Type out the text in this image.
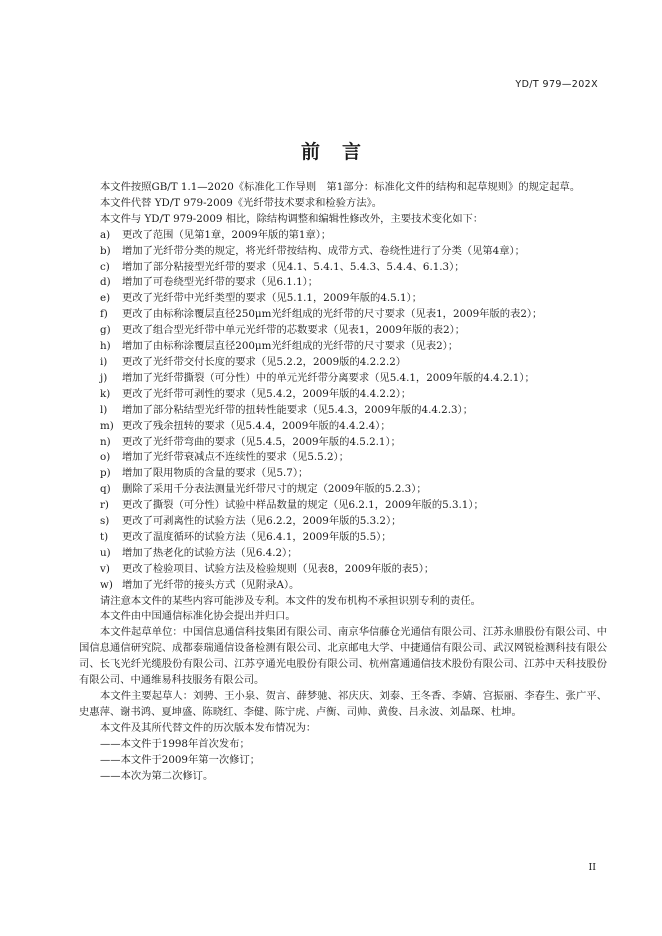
YD/T 979—202X
前言

本文件按照GB/T 1.1—2020《标准化工作导则　第1部分：标准化文件的结构和起草规则》的规定起草。

本文件代替 YD/T 979-2009《光纤带技术要求和检验方法》。

本文件与 YD/T 979-2009 相比，除结构调整和编辑性修改外，主要技术变化如下：

a) 更改了范围（见第1章，2009年版的第1章）；

b) 增加了光纤带分类的规定，将光纤带按结构、成带方式、卷绕性进行了分类（见第4章）；

c) 增加了部分粘接型光纤带的要求（见4.1、5.4.1、5.4.3、5.4.4、6.1.3）；

d) 增加了可卷绕型光纤带的要求（见6.1.1）；

e) 更改了光纤带中光纤类型的要求（见5.1.1，2009年版的4.5.1）；

f) 更改了由标称涂覆层直径250μm光纤组成的光纤带的尺寸要求（见表1，2009年版的表2）；

g) 更改了组合型光纤带中单元光纤带的芯数要求（见表1，2009年版的表2）；

h) 增加了由标称涂覆层直径200μm光纤组成的光纤带的尺寸要求（见表2）；

i) 更改了光纤带交付长度的要求（见5.2.2，2009版的4.2.2.2）

j) 增加了光纤带撕裂（可分性）中的单元光纤带分离要求（见5.4.1，2009年版的4.4.2.1）；

k) 更改了光纤带可剥性的要求（见5.4.2，2009年版的4.4.2.2）；

l) 增加了部分粘结型光纤带的扭转性能要求（见5.4.3，2009年版的4.4.2.3）；

m) 更改了残余扭转的要求（见5.4.4，2009年版的4.4.2.4）；

n) 更改了光纤带弯曲的要求（见5.4.5，2009年版的4.5.2.1）；

o) 增加了光纤带衰减点不连续性的要求（见5.5.2）；

p) 增加了限用物质的含量的要求（见5.7）；

q) 删除了采用千分表法测量光纤带尺寸的规定（2009年版的5.2.3）；

r) 更改了撕裂（可分性）试验中样品数量的规定（见6.2.1，2009年版的5.3.1）；

s) 更改了可剥离性的试验方法（见6.2.2，2009年版的5.3.2）；

t) 更改了温度循环的试验方法（见6.4.1，2009年版的5.5）；

u) 增加了热老化的试验方法（见6.4.2）；

v) 更改了检验项目、试验方法及检验规则（见表8，2009年版的表5）；

w) 增加了光纤带的接头方式（见附录A）。

请注意本文件的某些内容可能涉及专利。本文件的发布机构不承担识别专利的责任。

本文件由中国通信标准化协会提出并归口。

本文件起草单位：中国信息通信科技集团有限公司、南京华信藤仓光通信有限公司、江苏永鼎股份有限公司、中国信息通信研究院、成都泰瑞通信设备检测有限公司、北京邮电大学、中捷通信有限公司、武汉网锐检测科技有限公司、长飞光纤光缆股份有限公司、江苏亨通光电股份有限公司、杭州富通通信技术股份有限公司、江苏中天科技股份有限公司、中通维易科技服务有限公司。

本文件主要起草人：刘骋、王小泉、贺言、薛梦驰、祁庆庆、刘泰、王冬香、李婧、宫振丽、李春生、张广平、史惠萍、谢书鸿、夏坤盛、陈晓红、李健、陈宁虎、卢衡、司帅、黄俊、吕永波、刘晶琛、杜坤。

本文件及其所代替文件的历次版本发布情况为：

——本文件于1998年首次发布；

——本文件于2009年第一次修订；

——本次为第二次修订。

II
